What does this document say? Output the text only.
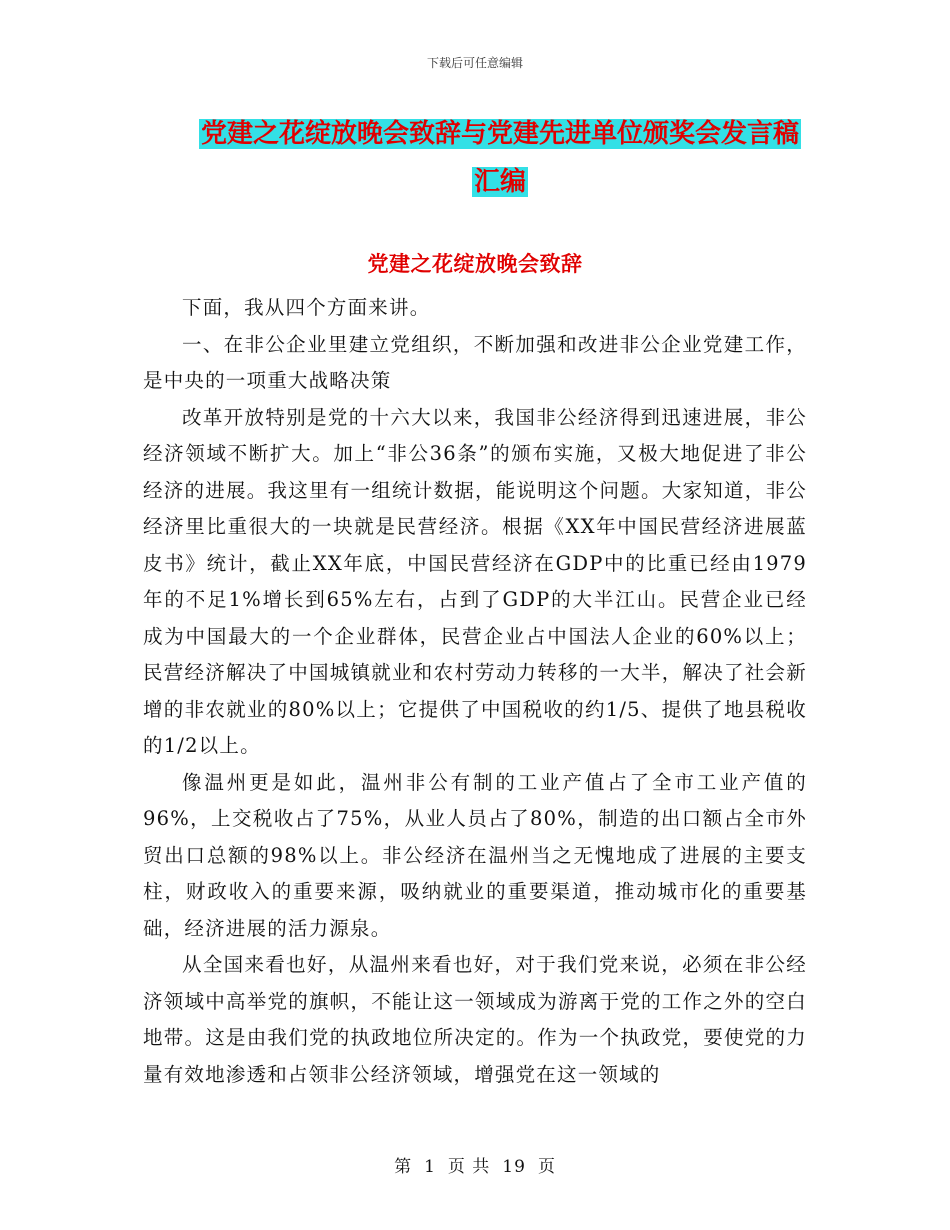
下载后可任意编辑
党建之花绽放晚会致辞与党建先进单位颁奖会发言稿
汇编
党建之花绽放晚会致辞

下面，我从四个方面来讲。

一、在非公企业里建立党组织，不断加强和改进非公企业党建工作，是中央的一项重大战略决策

改革开放特别是党的十六大以来，我国非公经济得到迅速进展，非公经济领域不断扩大。加上“非公36条”的颁布实施，又极大地促进了非公经济的进展。我这里有一组统计数据，能说明这个问题。大家知道，非公经济里比重很大的一块就是民营经济。根据《XX年中国民营经济进展蓝皮书》统计，截止XX年底，中国民营经济在GDP中的比重已经由1979年的不足1%增长到65%左右，占到了GDP的大半江山。民营企业已经成为中国最大的一个企业群体，民营企业占中国法人企业的60%以上；民营经济解决了中国城镇就业和农村劳动力转移的一大半，解决了社会新增的非农就业的80%以上；它提供了中国税收的约1/5、提供了地县税收的1/2以上。

像温州更是如此，温州非公有制的工业产值占了全市工业产值的96%，上交税收占了75%，从业人员占了80%，制造的出口额占全市外贸出口总额的98%以上。非公经济在温州当之无愧地成了进展的主要支柱，财政收入的重要来源，吸纳就业的重要渠道，推动城市化的重要基础，经济进展的活力源泉。

从全国来看也好，从温州来看也好，对于我们党来说，必须在非公经济领域中高举党的旗帜，不能让这一领域成为游离于党的工作之外的空白地带。这是由我们党的执政地位所决定的。作为一个执政党，要使党的力量有效地渗透和占领非公经济领域，增强党在这一领域的

第 1 页 共 19 页
